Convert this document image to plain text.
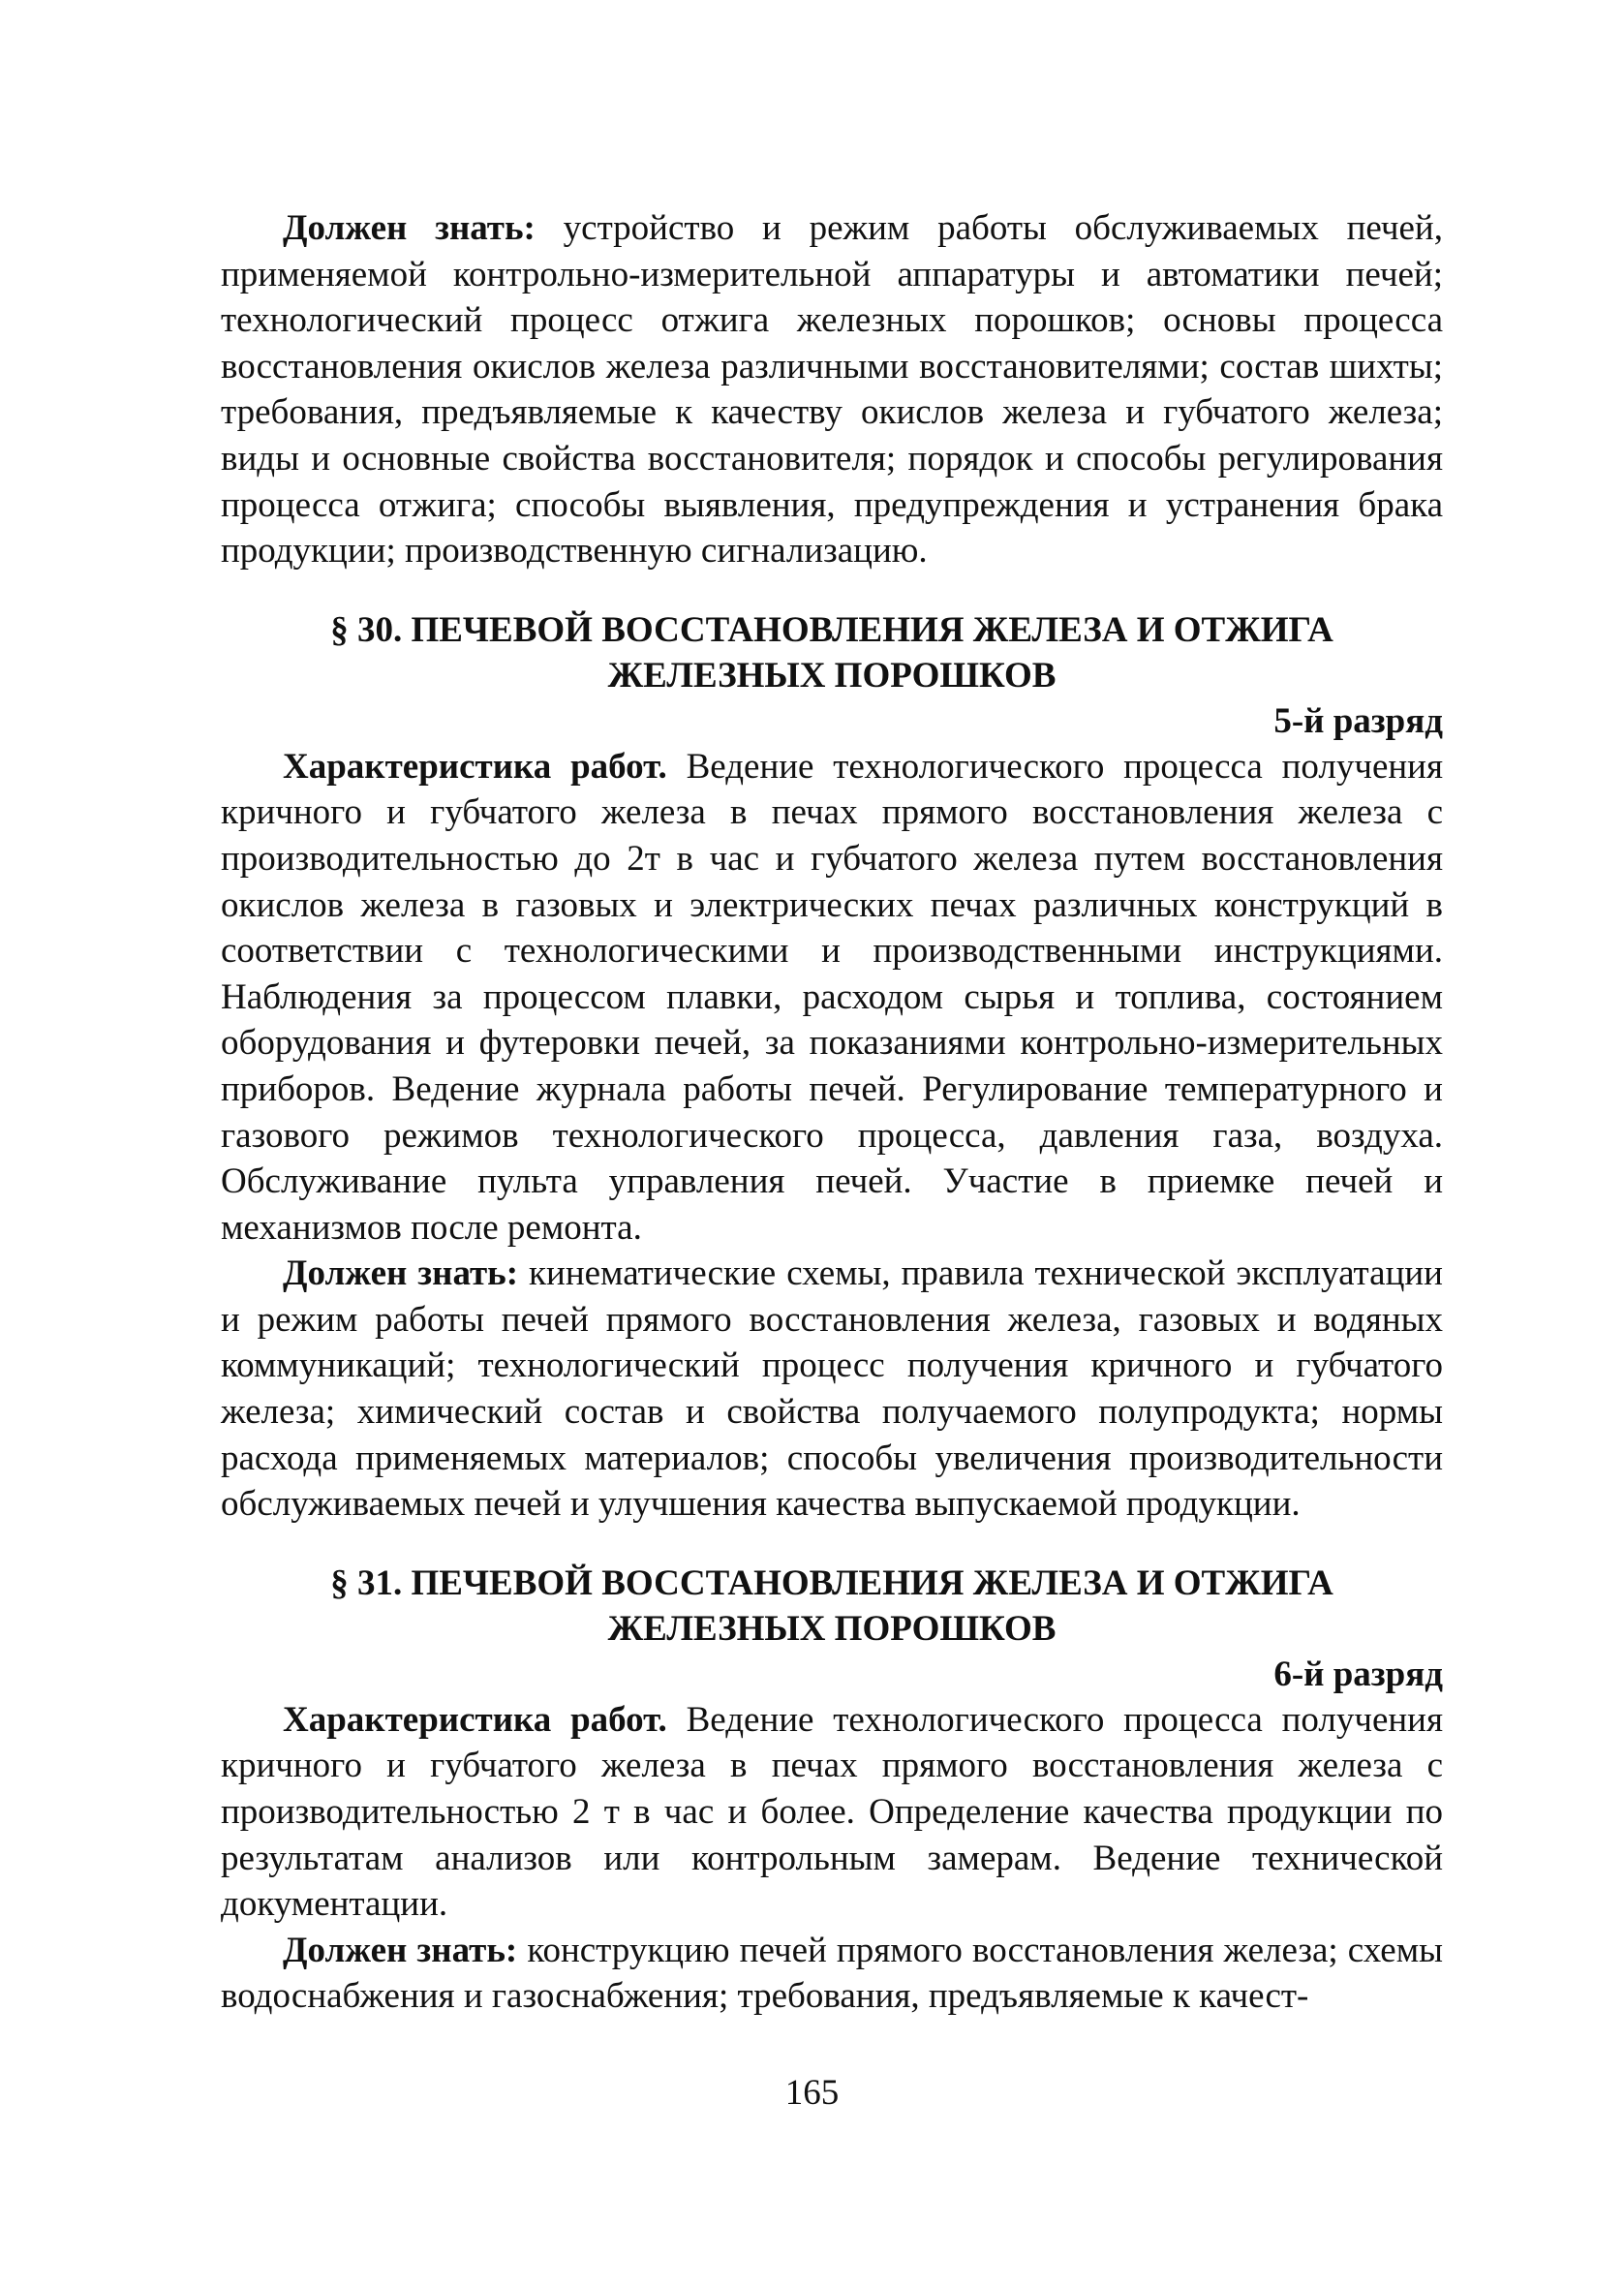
Должен знать: устройство и режим работы обслуживаемых печей, применяемой контрольно-измерительной аппаратуры и автоматики печей; технологический процесс отжига железных порошков; основы процесса восстановления окислов железа различными восстановителями; состав шихты; требования, предъявляемые к качеству окислов железа и губчатого железа; виды и основные свойства восстановителя; порядок и способы регулирования процесса отжига; способы выявления, предупреждения и устранения брака продукции; производственную сигнализацию.

§ 30. ПЕЧЕВОЙ ВОССТАНОВЛЕНИЯ ЖЕЛЕЗА И ОТЖИГА
ЖЕЛЕЗНЫХ ПОРОШКОВ

5-й разряд

Характеристика работ. Ведение технологического процесса получения кричного и губчатого железа в печах прямого восстановления железа с производительностью до 2т в час и губчатого железа путем восстановления окислов железа в газовых и электрических печах различных конструкций в соответствии с технологическими и производственными инструкциями. Наблюдения за процессом плавки, расходом сырья и топлива, состоянием оборудования и футеровки печей, за показаниями контрольно-измерительных приборов. Ведение журнала работы печей. Регулирование температурного и газового режимов технологического процесса, давления газа, воздуха. Обслуживание пульта управления печей. Участие в приемке печей и механизмов после ремонта.

Должен знать: кинематические схемы, правила технической эксплуатации и режим работы печей прямого восстановления железа, газовых и водяных коммуникаций; технологический процесс получения кричного и губчатого железа; химический состав и свойства получаемого полупродукта; нормы расхода применяемых материалов; способы увеличения производительности обслуживаемых печей и улучшения качества выпускаемой продукции.

§ 31. ПЕЧЕВОЙ ВОССТАНОВЛЕНИЯ ЖЕЛЕЗА И ОТЖИГА
ЖЕЛЕЗНЫХ ПОРОШКОВ

6-й разряд

Характеристика работ. Ведение технологического процесса получения кричного и губчатого железа в печах прямого восстановления железа с производительностью 2 т в час и более. Определение качества продукции по результатам анализов или контрольным замерам. Ведение технической документации.

Должен знать: конструкцию печей прямого восстановления железа; схемы водоснабжения и газоснабжения; требования, предъявляемые к качест-

165
